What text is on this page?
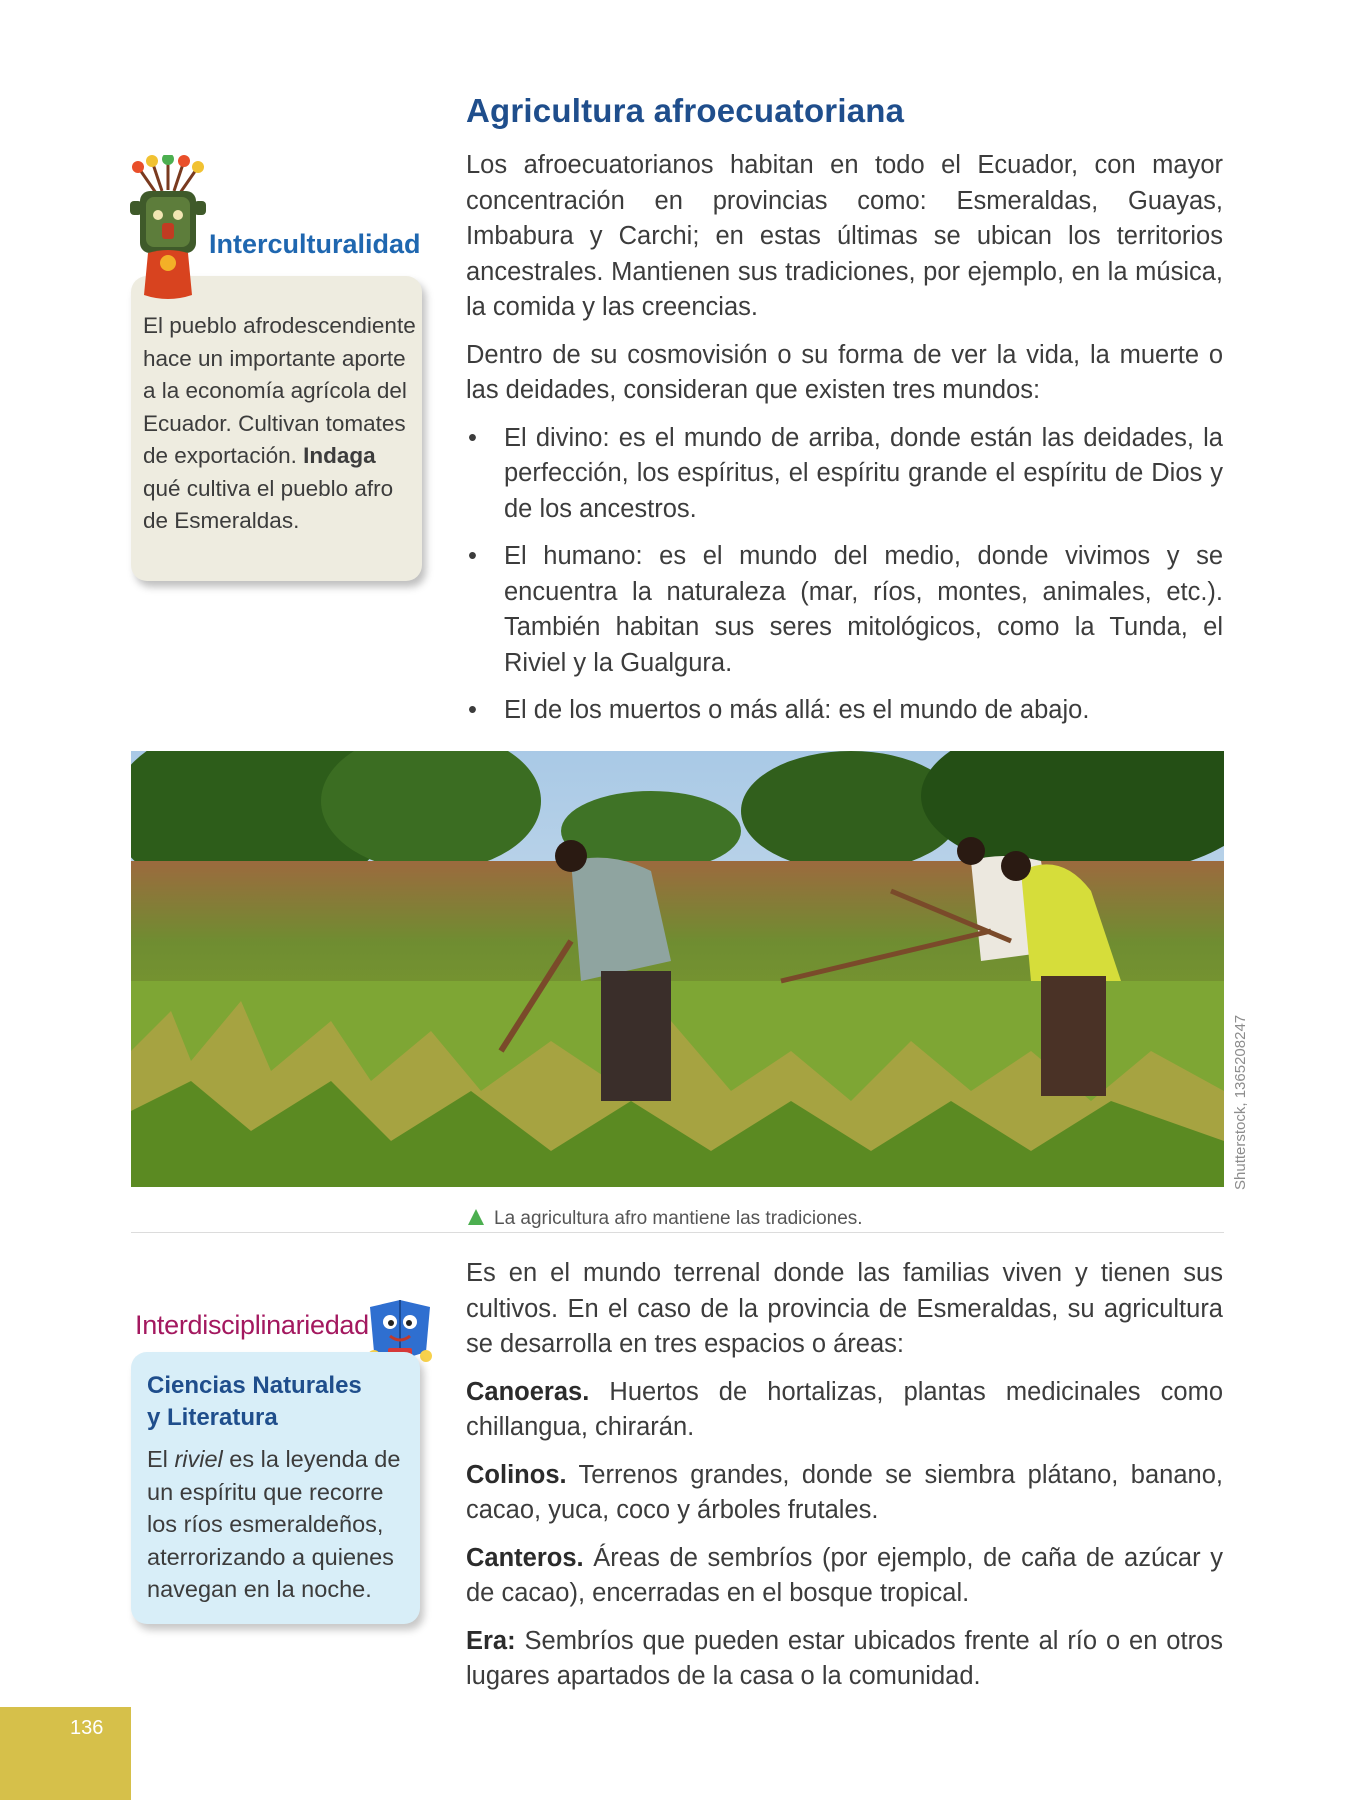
Agricultura afroecuatoriana

Los afroecuatorianos habitan en todo el Ecuador, con mayor concentración en provincias como: Esmeraldas, Guayas, Imbabura y Carchi; en estas últimas se ubican los territorios ancestrales. Mantienen sus tradiciones, por ejemplo, en la música, la comida y las creencias.

Dentro de su cosmovisión o su forma de ver la vida, la muerte o las deidades, consideran que existen tres mundos:

• El divino: es el mundo de arriba, donde están las deidades, la perfección, los espíritus, el espíritu grande el espíritu de Dios y de los ancestros.
• El humano: es el mundo del medio, donde vivimos y se encuentra la naturaleza (mar, ríos, montes, animales, etc.). También habitan sus seres mitológicos, como la Tunda, el Riviel y la Gualgura.
• El de los muertos o más allá: es el mundo de abajo.
Interculturalidad
El pueblo afrodescendiente hace un importante aporte a la economía agrícola del Ecuador. Cultivan tomates de exportación. Indaga qué cultiva el pueblo afro de Esmeraldas.
Shutterstock, 1365208247
La agricultura afro mantiene las tradiciones.

Es en el mundo terrenal donde las familias viven y tienen sus cultivos. En el caso de la provincia de Esmeraldas, su agricultura se desarrolla en tres espacios o áreas:

Canoeras. Huertos de hortalizas, plantas medicinales como chillangua, chirarán.

Colinos. Terrenos grandes, donde se siembra plátano, banano, cacao, yuca, coco y árboles frutales.

Canteros. Áreas de sembríos (por ejemplo, de caña de azúcar y de cacao), encerradas en el bosque tropical.

Era: Sembríos que pueden estar ubicados frente al río o en otros lugares apartados de la casa o la comunidad.

Interdisciplinariedad
Ciencias Naturales
y Literatura
El riviel es la leyenda de un espíritu que recorre los ríos esmeraldeños, aterrorizando a quienes navegan en la noche.
136
